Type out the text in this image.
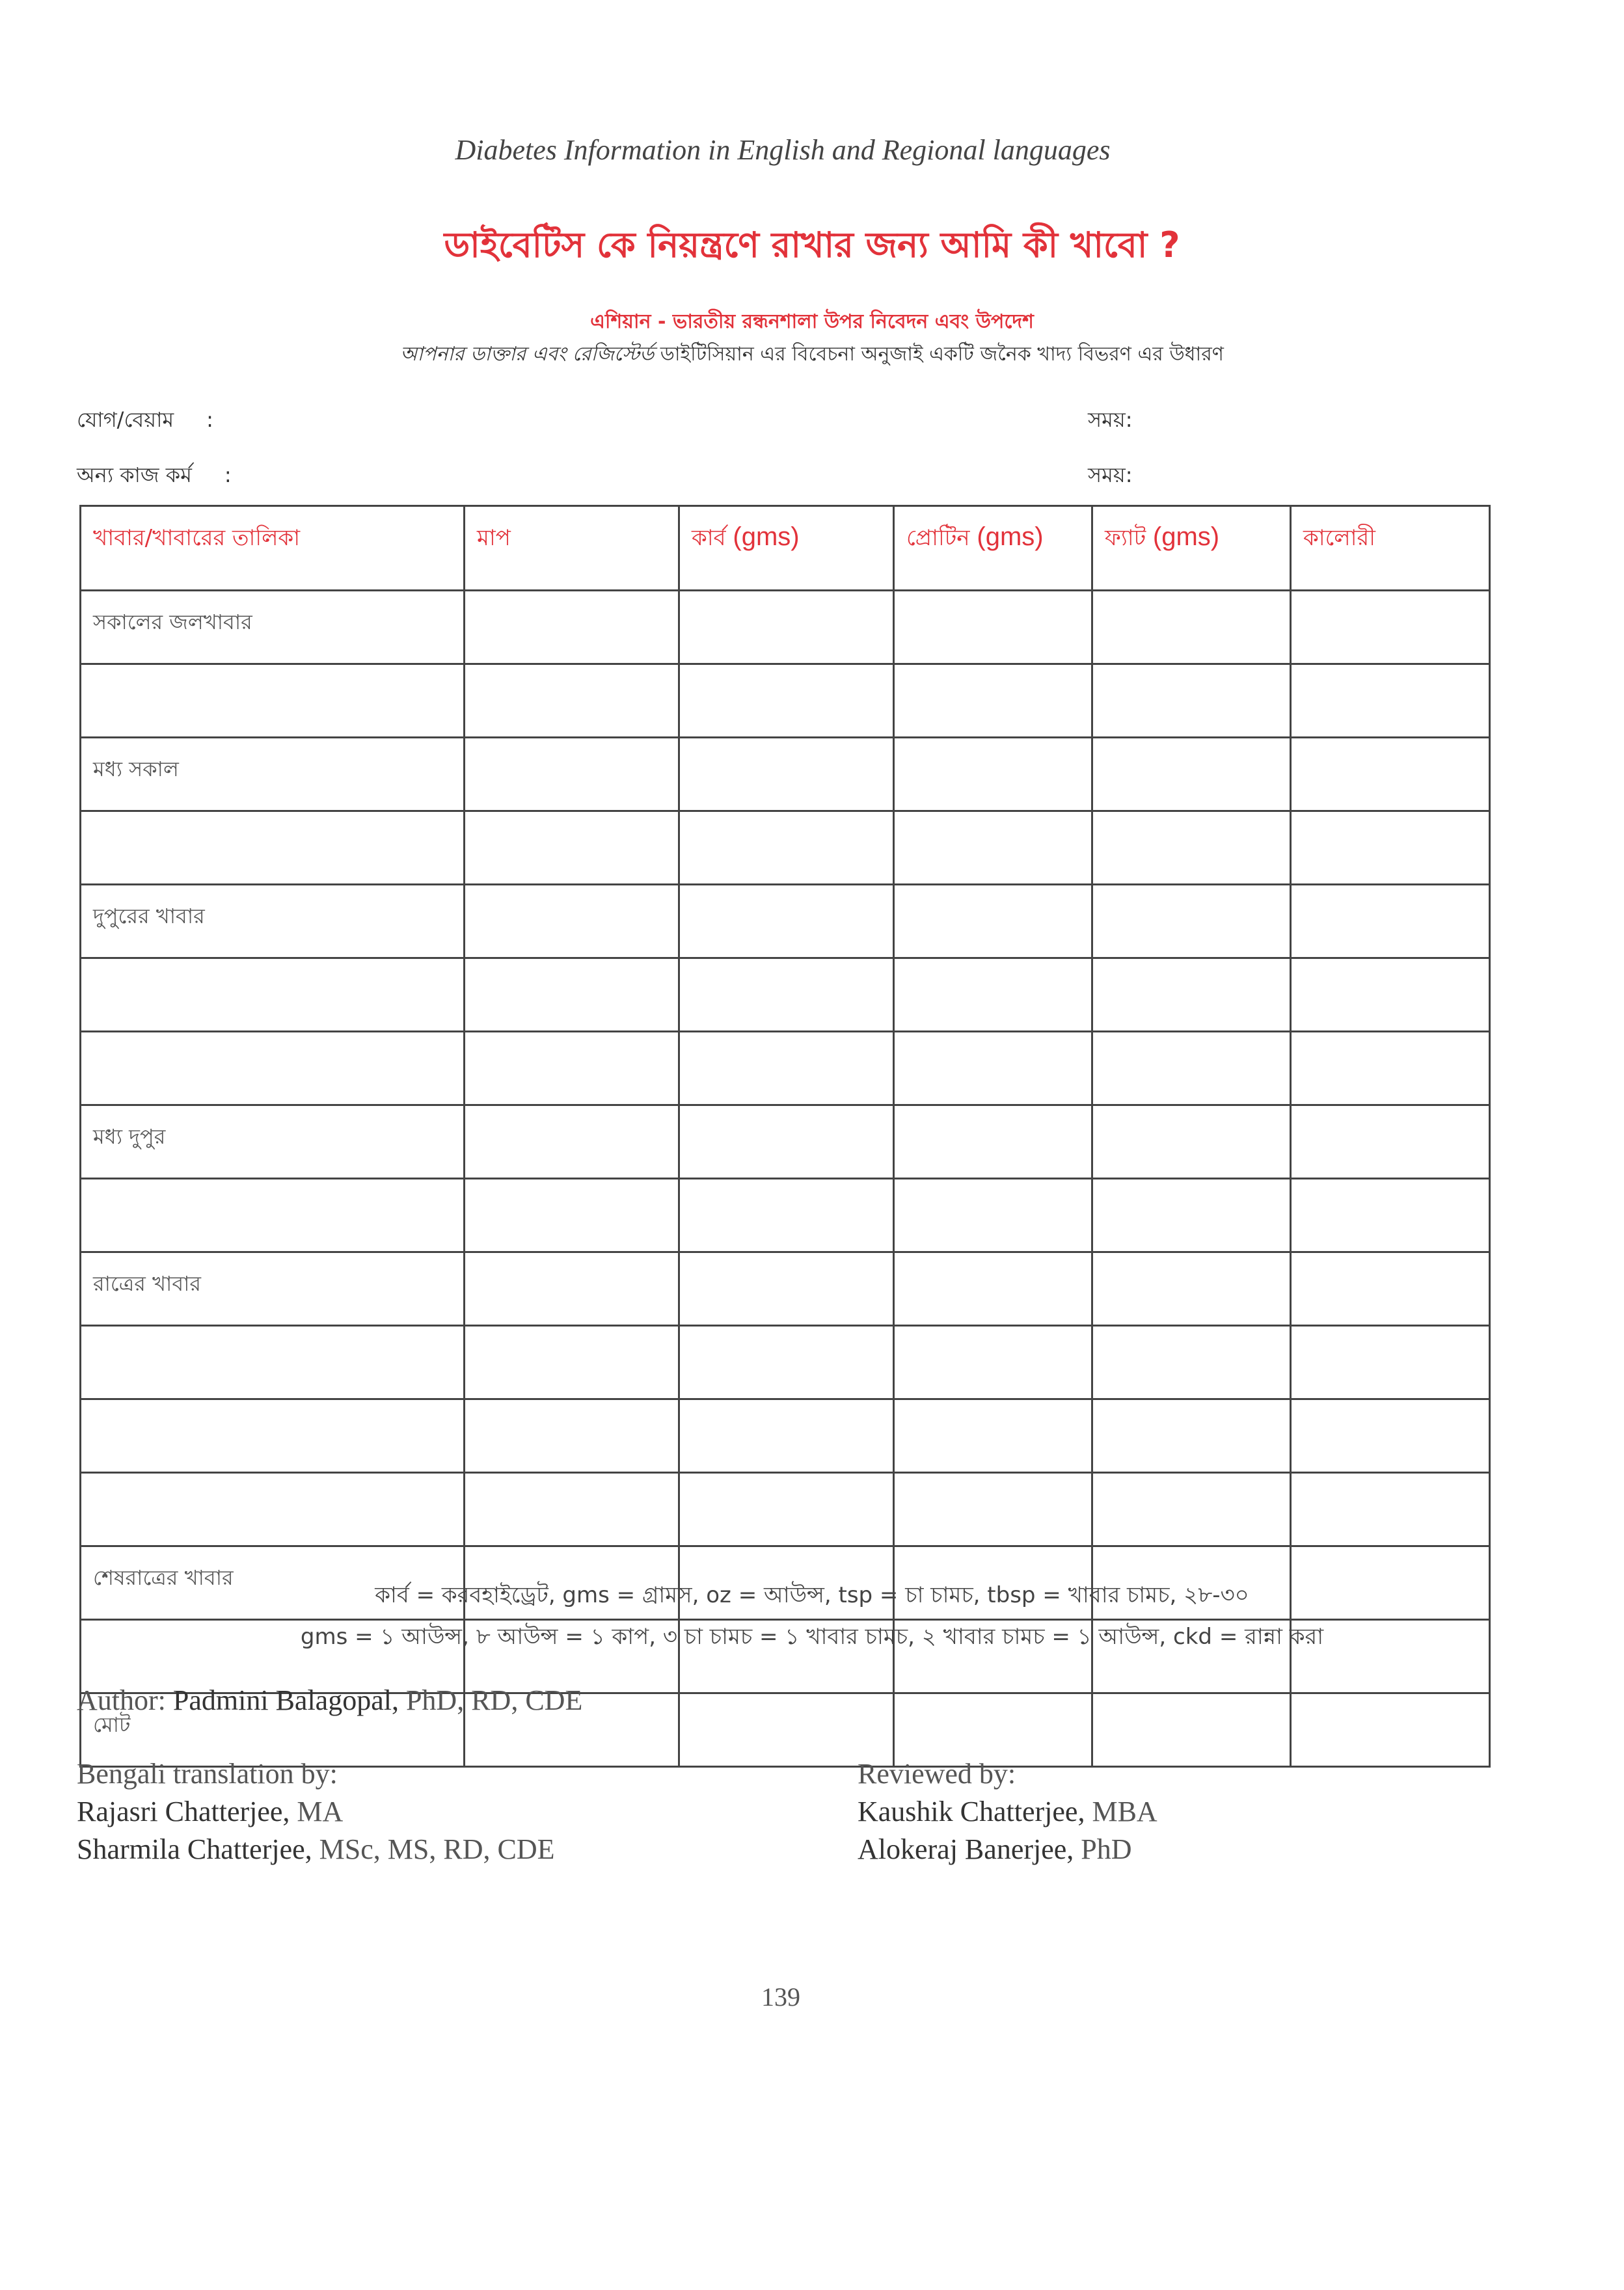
Diabetes Information in English and Regional languages
ডাইবেটিস কে নিয়ন্ত্রণে রাখার জন্য আমি কী খাবো ?
এশিয়ান - ভারতীয় রন্ধনশালা উপর নিবেদন এবং উপদেশ
আপনার ডাক্তার এবং রেজিস্টের্ড ডাইটিসিয়ান এর বিবেচনা অনুজাই একটি জনৈক খাদ্য বিভরণ এর উধারণ
যোগ/বেয়াম :	সময়:
অন্য কাজ কর্ম :	সময়:
খাবার/খাবারের তালিকা	মাপ	কার্ব (gms)	প্রোটিন (gms)	ফ্যাট (gms)	কালোরী
সকালের জলখাবার					

মধ্য সকাল					

দুপুরের খাবার					

মধ্য দুপুর					

রাত্রের খাবার					

শেষরাত্রের খাবার					

মোট					
কার্ব = করবহাইড্রেট, gms = গ্রামস, oz = আউন্স, tsp = চা চামচ, tbsp = খাবার চামচ, ২৮-৩০
gms = ১ আউন্স, ৮ আউন্স = ১ কাপ, ৩ চা চামচ = ১ খাবার চামচ, ২ খাবার চামচ = ১ আউন্স, ckd = রান্না করা
Author: Padmini Balagopal, PhD, RD, CDE
Bengali translation by:
Rajasri Chatterjee, MA
Sharmila Chatterjee, MSc, MS, RD, CDE
Reviewed by:
Kaushik Chatterjee, MBA
Alokeraj Banerjee, PhD
139
